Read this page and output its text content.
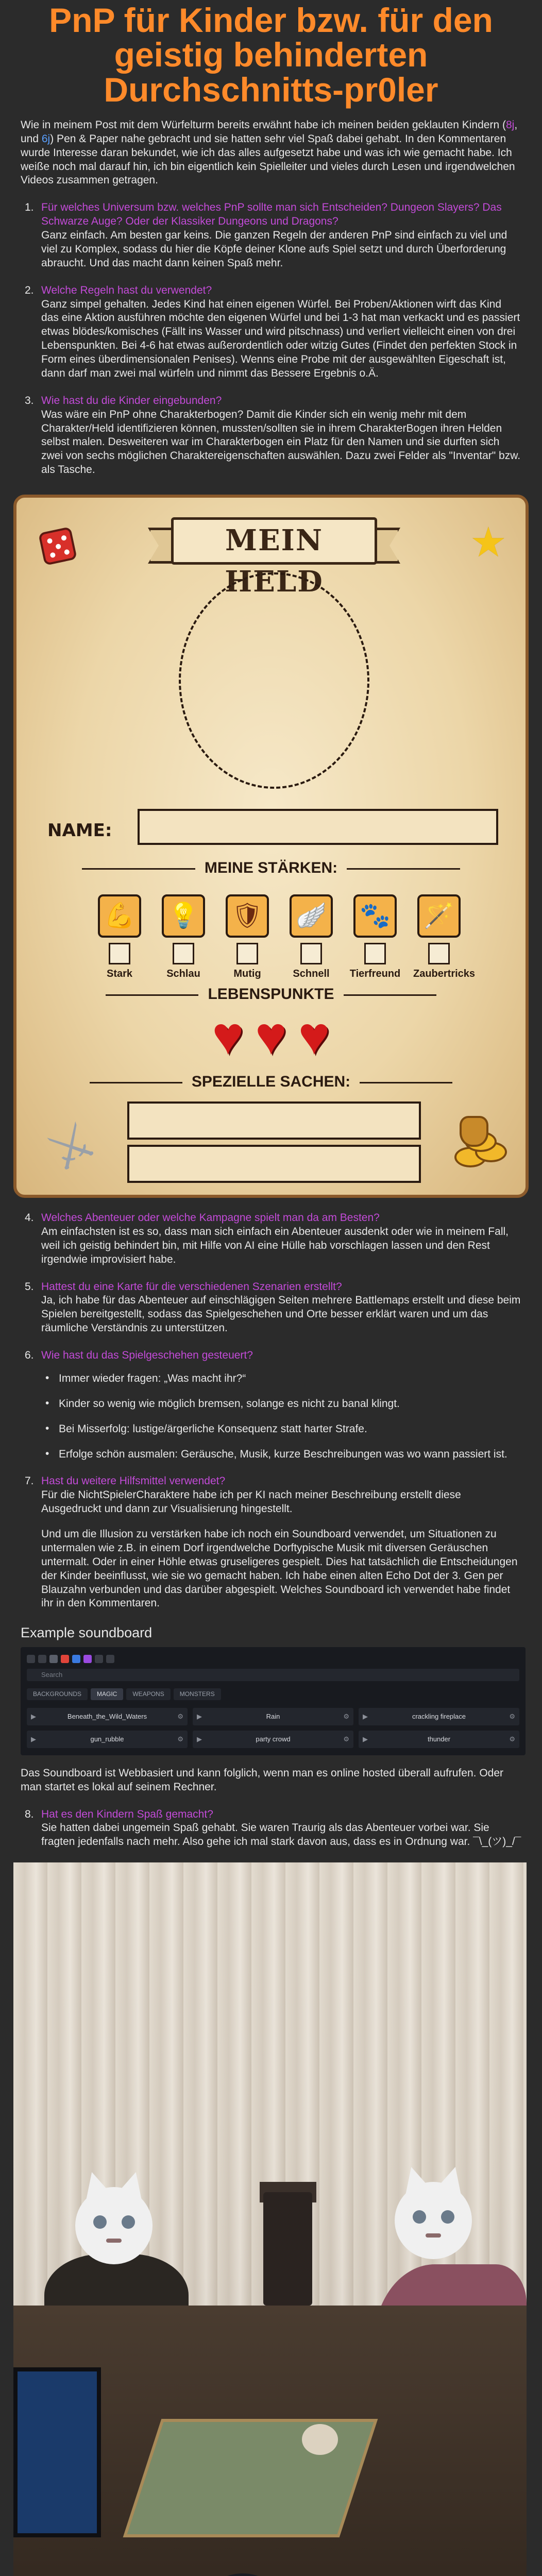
PnP für Kinder bzw. für den geistig behinderten Durchschnitts-pr0ler

Wie in meinem Post mit dem Würfelturm bereits erwähnt habe ich meinen beiden geklauten Kindern (8j, und 6j) Pen & Paper nahe gebracht und sie hatten sehr viel Spaß dabei gehabt. In den Kommentaren wurde Interesse daran bekundet, wie ich das alles aufgesetzt habe und was ich wie gemacht habe. Ich weiße noch mal darauf hin, ich bin eigentlich kein Spielleiter und vieles durch Lesen und irgendwelchen Videos zusammen getragen.

1. Für welches Universum bzw. welches PnP sollte man sich Entscheiden? Dungeon Slayers? Das Schwarze Auge? Oder der Klassiker Dungeons und Dragons?
Ganz einfach. Am besten gar keins. Die ganzen Regeln der anderen PnP sind einfach zu viel und viel zu Komplex, sodass du hier die Köpfe deiner Klone aufs Spiel setzt und durch Überforderung abraucht. Und das macht dann keinen Spaß mehr.
2. Welche Regeln hast du verwendet?
Ganz simpel gehalten. Jedes Kind hat einen eigenen Würfel. Bei Proben/Aktionen wirft das Kind das eine Aktion ausführen möchte den eigenen Würfel und bei 1-3 hat man verkackt und es passiert etwas blödes/komisches (Fällt ins Wasser und wird pitschnass) und verliert vielleicht einen von drei Lebenspunkten. Bei 4-6 hat etwas außerordentlich oder witzig Gutes (Findet den perfekten Stock in Form eines überdimensionalen Penises). Wenns eine Probe mit der ausgewählten Eigeschaft ist, dann darf man zwei mal würfeln und nimmt das Bessere Ergebnis o.Ä.
3. Wie hast du die Kinder eingebunden?
Was wäre ein PnP ohne Charakterbogen? Damit die Kinder sich ein wenig mehr mit dem Charakter/Held identifizieren können, mussten/sollten sie in ihrem CharakterBogen ihren Helden selbst malen. Desweiteren war im Charakterbogen ein Platz für den Namen und sie durften sich zwei von sechs möglichen Charaktereigenschaften auswählen. Dazu zwei Felder als "Inventar" bzw. als Tasche.
MEIN HELD
★
NAME:
MEINE STÄRKEN:
💪
Stark
💡
Schlau
🛡
Mutig
🪽
Schnell
🐾
Tierfreund
🪄
Zaubertricks
LEBENSPUNKTE
♥ ♥ ♥
SPEZIELLE SACHEN:
⚔
4. Welches Abenteuer oder welche Kampagne spielt man da am Besten?
Am einfachsten ist es so, dass man sich einfach ein Abenteuer ausdenkt oder wie in meinem Fall, weil ich geistig behindert bin, mit Hilfe von AI eine Hülle hab vorschlagen lassen und den Rest irgendwie improvisiert habe.
5. Hattest du eine Karte für die verschiedenen Szenarien erstellt?
Ja, ich habe für das Abenteuer auf einschlägigen Seiten mehrere Battlemaps erstellt und diese beim Spielen bereitgestellt, sodass das Spielgeschehen und Orte besser erklärt waren und um das räumliche Verständnis zu unterstützen.
6. Wie hast du das Spielgeschehen gesteuert?
• Immer wieder fragen: „Was macht ihr?“
• Kinder so wenig wie möglich bremsen, solange es nicht zu banal klingt.
• Bei Misserfolg: lustige/ärgerliche Konsequenz statt harter Strafe.
• Erfolge schön ausmalen: Geräusche, Musik, kurze Beschreibungen was wo wann passiert ist.
7. Hast du weitere Hilfsmittel verwendet?
Für die NichtSpielerCharaktere habe ich per KI nach meiner Beschreibung erstellt diese Ausgedruckt und dann zur Visualisierung hingestellt.

Und um die Illusion zu verstärken habe ich noch ein Soundboard verwendet, um Situationen zu untermalen wie z.B. in einem Dorf irgendwelche Dorftypische Musik mit diversen Geräuschen untermalt. Oder in einer Höhle etwas gruseligeres gespielt. Dies hat tatsächlich die Entscheidungen der Kinder beeinflusst, wie sie wo gemacht haben. Ich habe einen alten Echo Dot der 3. Gen per Blauzahn verbunden und das darüber abgespielt. Welches Soundboard ich verwendet habe findet ihr in den Kommentaren.

Example soundboard
Search
BACKGROUNDS	MAGIC	WEAPONS	MONSTERS
▶	Beneath_the_Wild_Waters	⚙ ▶	Rain	⚙ ▶	crackling fireplace	⚙
▶	gun_rubble	⚙ ▶	party crowd	⚙ ▶	thunder	⚙

Das Soundboard ist Webbasiert und kann folglich, wenn man es online hosted überall aufrufen. Oder man startet es lokal auf seinem Rechner.

8. Hat es den Kindern Spaß gemacht?
Sie hatten dabei ungemein Spaß gehabt. Sie waren Traurig als das Abenteuer vorbei war. Sie fragten jedenfalls nach mehr. Also gehe ich mal stark davon aus, dass es in Ordnung war. ¯\_(ツ)_/¯
